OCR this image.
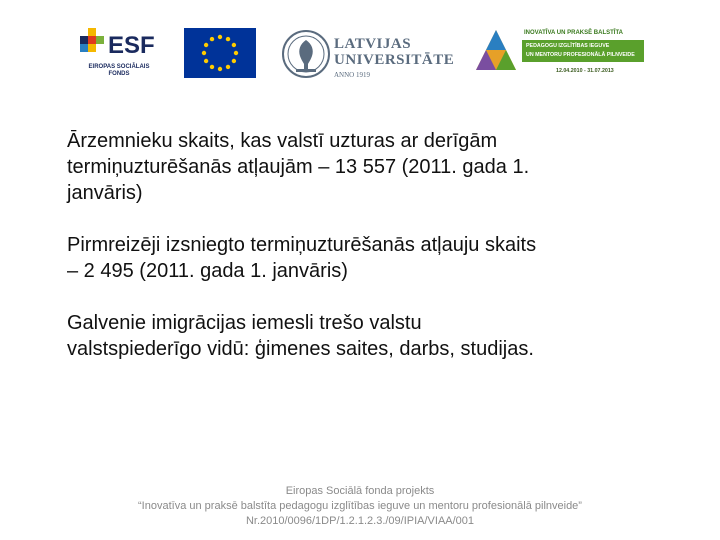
ESF
EIROPAS SOCIĀLAIS
FONDS
LATVIJAS
UNIVERSITĀTE
ANNO 1919
INOVATĪVA UN PRAKSĒ BALSTĪTA
PEDAGOGU IZGLĪTĪBAS IEGUVE
UN MENTORU PROFESIONĀLĀ PILNVEIDE
12.04.2010 - 31.07.2013

Ārzemnieku skaits, kas valstī uzturas ar derīgām
termiņuzturēšanās atļaujām – 13 557 (2011. gada 1.
janvāris)

Pirmreizēji izsniegto termiņuzturēšanās atļauju skaits
– 2 495 (2011. gada 1. janvāris)

Galvenie imigrācijas iemesli trešo valstu
valstspiederīgo vidū: ģimenes saites, darbs, studijas.

Eiropas Sociālā fonda projekts
“Inovatīva un praksē balstīta pedagogu izglītības ieguve un mentoru profesionālā pilnveide”
Nr.2010/0096/1DP/1.2.1.2.3./09/IPIA/VIAA/001
